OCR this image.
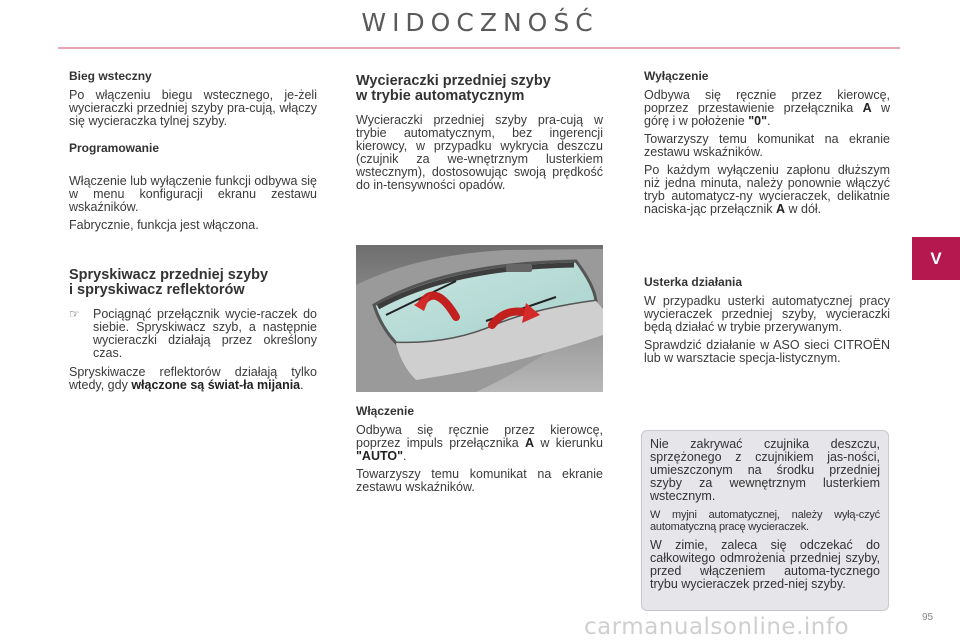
WIDOCZNOŚĆ
Bieg wsteczny

Po włączeniu biegu wstecznego, je-żeli wycieraczki przedniej szyby pra-cują, włączy się wycieraczka tylnej szyby.

Programowanie

Włączenie lub wyłączenie funkcji odbywa się w menu konfiguracji ekranu zestawu wskaźników.

Fabrycznie, funkcja jest włączona.

Spryskiwacz przedniej szyby
i spryskiwacz reflektorów
☞	Pociągnąć przełącznik wycie-raczek do siebie. Spryskiwacz szyb, a następnie wycieraczki działają przez określony czas.

Spryskiwacze reflektorów działają tylko wtedy, gdy włączone są świat-ła mijania.

Wycieraczki przedniej szyby
w trybie automatycznym

Wycieraczki przedniej szyby pra-cują w trybie automatycznym, bez ingerencji kierowcy, w przypadku wykrycia deszczu (czujnik za we-wnętrznym lusterkiem wstecznym), dostosowując swoją prędkość do in-tensywności opadów.

Włączenie

Odbywa się ręcznie przez kierowcę, poprzez impuls przełącznika A w kierunku "AUTO".

Towarzyszy temu komunikat na ekranie zestawu wskaźników.

Wyłączenie

Odbywa się ręcznie przez kierowcę, poprzez przestawienie przełącznika A w górę i w położenie "0".

Towarzyszy temu komunikat na ekranie zestawu wskaźników.

Po każdym wyłączeniu zapłonu dłuższym niż jedna minuta, należy ponownie włączyć tryb automatycz-ny wycieraczek, delikatnie naciska-jąc przełącznik A w dół.

Usterka działania

W przypadku usterki automatycznej pracy wycieraczek przedniej szyby, wycieraczki będą działać w trybie przerywanym.

Sprawdzić działanie w ASO sieci CITROËN lub w warsztacie specja-listycznym.

Nie zakrywać czujnika deszczu, sprzężonego z czujnikiem jas-ności, umieszczonym na środku przedniej szyby za wewnętrznym lusterkiem wstecznym.

W myjni automatycznej, należy wyłą-czyć automatyczną pracę wycieraczek.

W zimie, zaleca się odczekać do całkowitego odmrożenia przedniej szyby, przed włączeniem automa-tycznego trybu wycieraczek przed-niej szyby.

V
carmanualsonline.info	95
